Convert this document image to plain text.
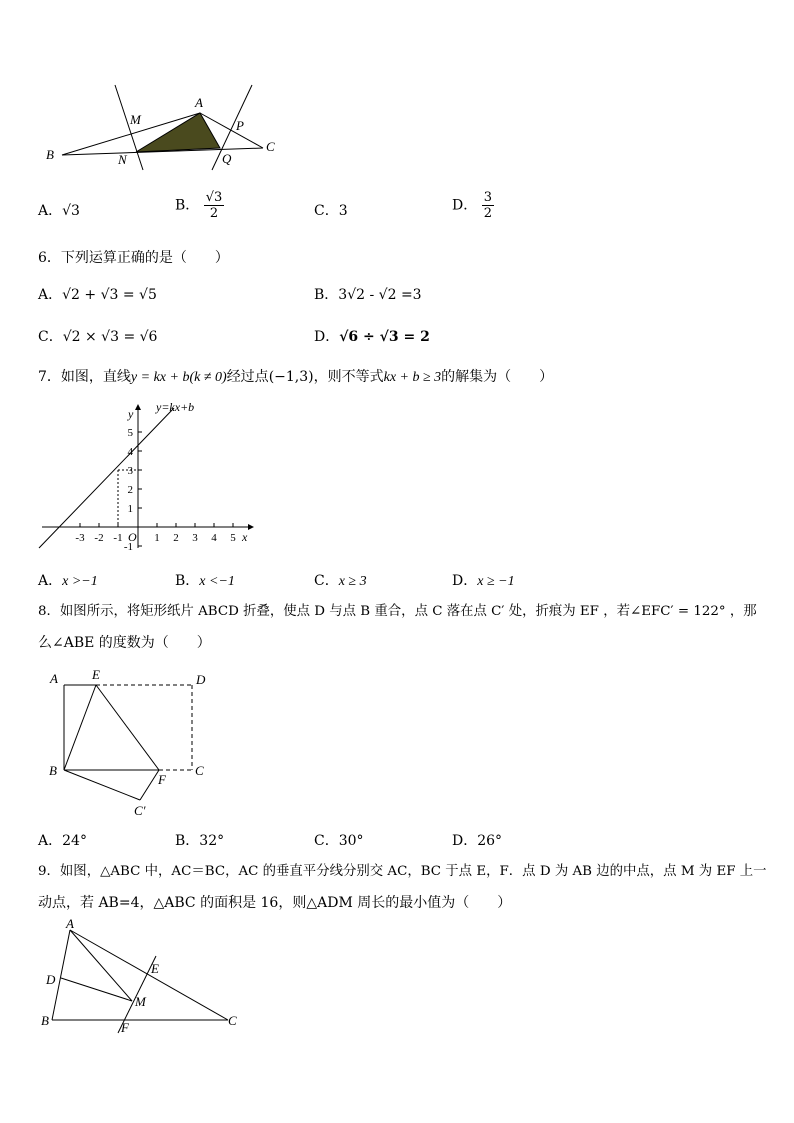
A
B
C
M
N
P
Q
A．√3	B． $\frac{√3}{2}$	C．3	D． $\frac{3}{2}$
6．下列运算正确的是（　　）
A．√2 + √3 = √5	B．3√2 - √2 =3
C．√2 × √3 = √6	D．√6 ÷ √3 = 2
7．如图，直线y = kx + b(k ≠ 0)经过点(−1,3)，则不等式kx + b ≥ 3的解集为（　　）
y=kx+b
y
x
O
-3 -2 -1	1 2 3 4 5
5
4
3
2
1
-1
A．x >−1	B．x <−1	C．x ≥ 3	D．x ≥ −1
8．如图所示，将矩形纸片 ABCD 折叠，使点 D 与点 B 重合，点 C 落在点 C′ 处，折痕为 EF ，若∠EFC′ = 122° ，那
么∠ABE 的度数为（　　）
A	E	D
B
F
C
C′
A．24°	B．32°	C．30°	D．26°
9．如图，△ABC 中，AC＝BC，AC 的垂直平分线分别交 AC，BC 于点 E，F．点 D 为 AB 边的中点，点 M 为 EF 上一
动点，若 AB=4，△ABC 的面积是 16，则△ADM 周长的最小值为（　　）
A
D
B	C
E
M
F
